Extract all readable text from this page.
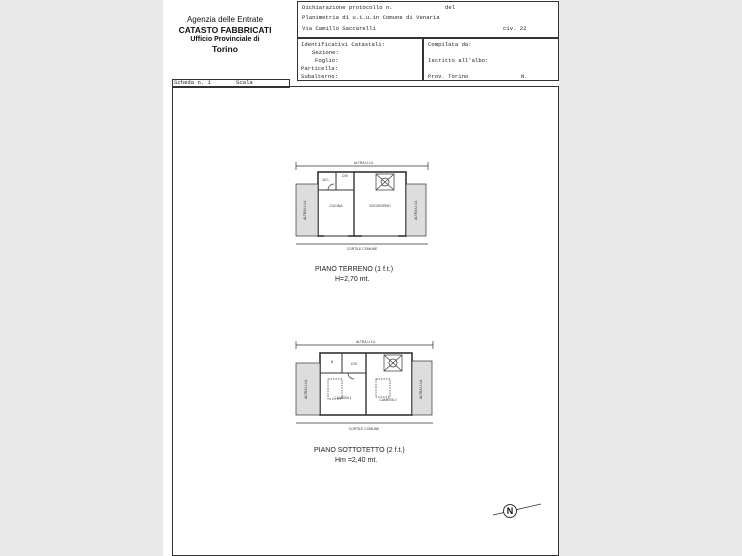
Agenzia delle Entrate
CATASTO FABBRICATI
Ufficio Provinciale di
Torino
Dichiarazione protocollo n.	del
Planimetria di u.i.u.in Comune di Venaria
Via Camillo Saccarelli	civ. 22
Identificativi Catastali:
Sezione:
Foglio:
Particella:
Subalterno:
Compilata da:
Iscritto all'albo:
Prov. Torino	N.
Scheda n. 1	Scala
ALTRA U.I.U.
ALTRA U.I.U.	ALTRA U.I.U.
W.C.
DIS
CUCINA	SOGGIORNO
CORTILE COMUNE
PIANO TERRENO (1 f.t.)
H=2,70 mt.
ALTRA U.I.U.
ALTRA U.I.U.	ALTRA U.I.U.
B	DIS
CAMERA 1	CAMERA 2
CORTILE COMUNE
PIANO SOTTOTETTO (2 f.t.)
Hm =2,40 mt.
N
